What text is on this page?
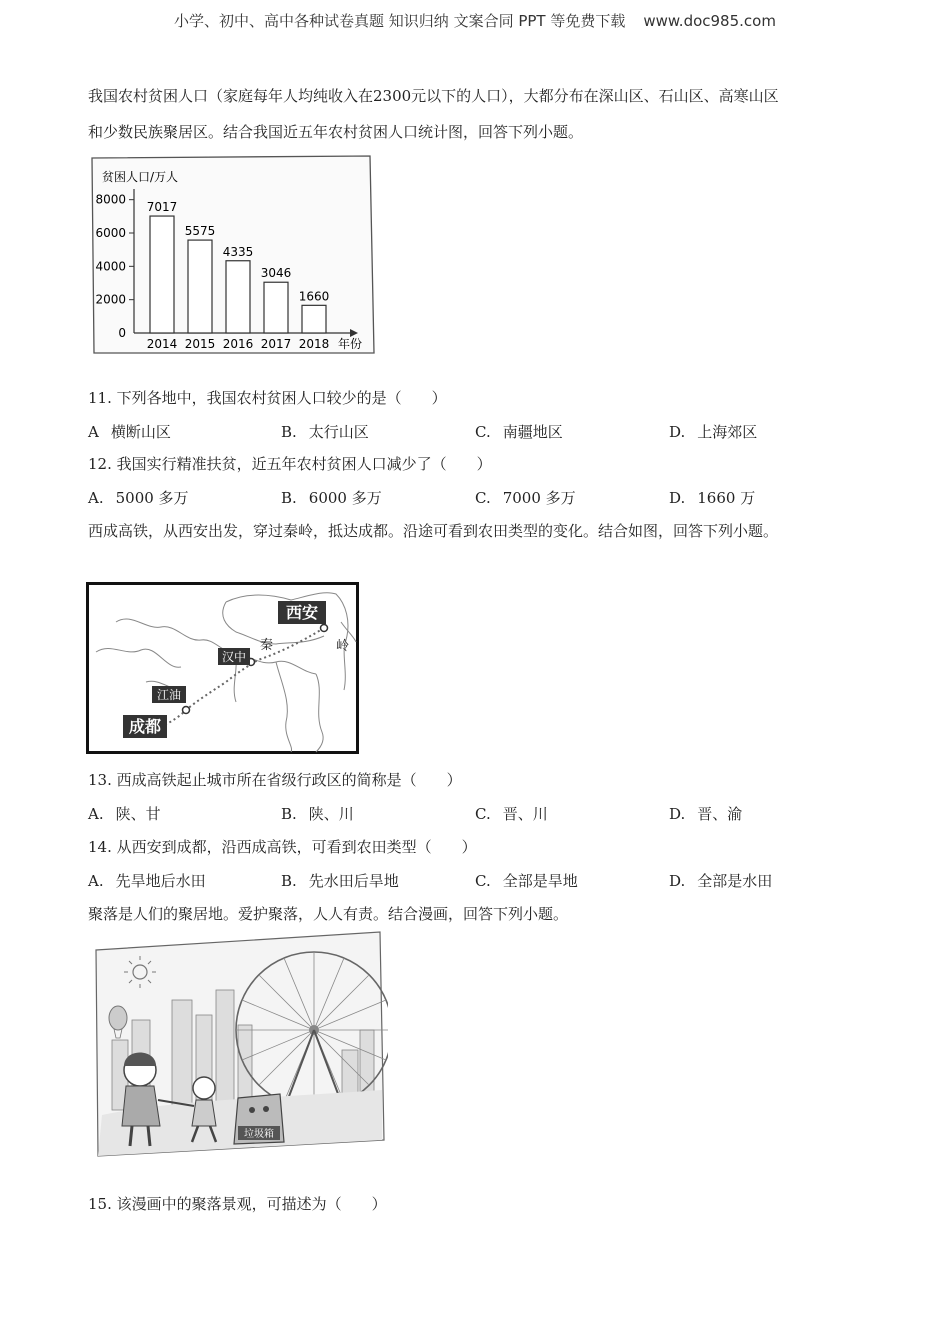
小学、初中、高中各种试卷真题 知识归纳 文案合同 PPT 等免费下载 www.doc985.com
我国农村贫困人口（家庭每年人均纯收入在2300元以下的人口），大都分布在深山区、石山区、高寒山区
和少数民族聚居区。结合我国近五年农村贫困人口统计图，回答下列小题。
贫困人口/万人
年份
0
2000
4000
6000
8000
7017
2014
5575
2015
4335
2016
3046
2017
1660
2018
11. 下列各地中，我国农村贫困人口较少的是（　　）
A 横断山区	B. 太行山区	C. 南疆地区	D. 上海郊区
12. 我国实行精准扶贫，近五年农村贫困人口减少了（　　）
A. 5000 多万	B. 6000 多万	C. 7000 多万	D. 1660 万
西成高铁，从西安出发，穿过秦岭，抵达成都。沿途可看到农田类型的变化。结合如图，回答下列小题。
西安
汉中
江油
成都
秦	岭
13. 西成高铁起止城市所在省级行政区的简称是（　　）
A. 陕、甘	B. 陕、川	C. 晋、川	D. 晋、渝
14. 从西安到成都，沿西成高铁，可看到农田类型（　　）
A. 先旱地后水田	B. 先水田后旱地	C. 全部是旱地	D. 全部是水田
聚落是人们的聚居地。爱护聚落，人人有责。结合漫画，回答下列小题。
垃圾箱
15. 该漫画中的聚落景观，可描述为（　　）
